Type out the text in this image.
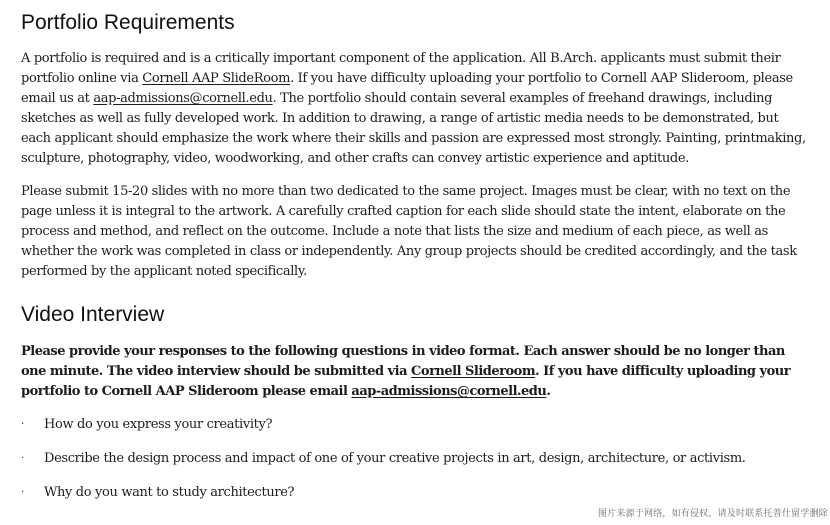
Portfolio Requirements

A portfolio is required and is a critically important component of the application. All B.Arch. applicants must submit their portfolio online via Cornell AAP SlideRoom. If you have difficulty uploading your portfolio to Cornell AAP Slideroom, please email us at aap-admissions@cornell.edu. The portfolio should contain several examples of freehand drawings, including sketches as well as fully developed work. In addition to drawing, a range of artistic media needs to be demonstrated, but each applicant should emphasize the work where their skills and passion are expressed most strongly. Painting, printmaking, sculpture, photography, video, woodworking, and other crafts can convey artistic experience and aptitude.

Please submit 15-20 slides with no more than two dedicated to the same project. Images must be clear, with no text on the page unless it is integral to the artwork. A carefully crafted caption for each slide should state the intent, elaborate on the process and method, and reflect on the outcome. Include a note that lists the size and medium of each piece, as well as whether the work was completed in class or independently. Any group projects should be credited accordingly, and the task performed by the applicant noted specifically.

Video Interview

Please provide your responses to the following questions in video format. Each answer should be no longer than one minute. The video interview should be submitted via Cornell Slideroom. If you have difficulty uploading your portfolio to Cornell AAP Slideroom please email aap-admissions@cornell.edu.

· How do you express your creativity?
· Describe the design process and impact of one of your creative projects in art, design, architecture, or activism.
· Why do you want to study architecture?
图片来源于网络，如有侵权，请及时联系托普仕留学删除
